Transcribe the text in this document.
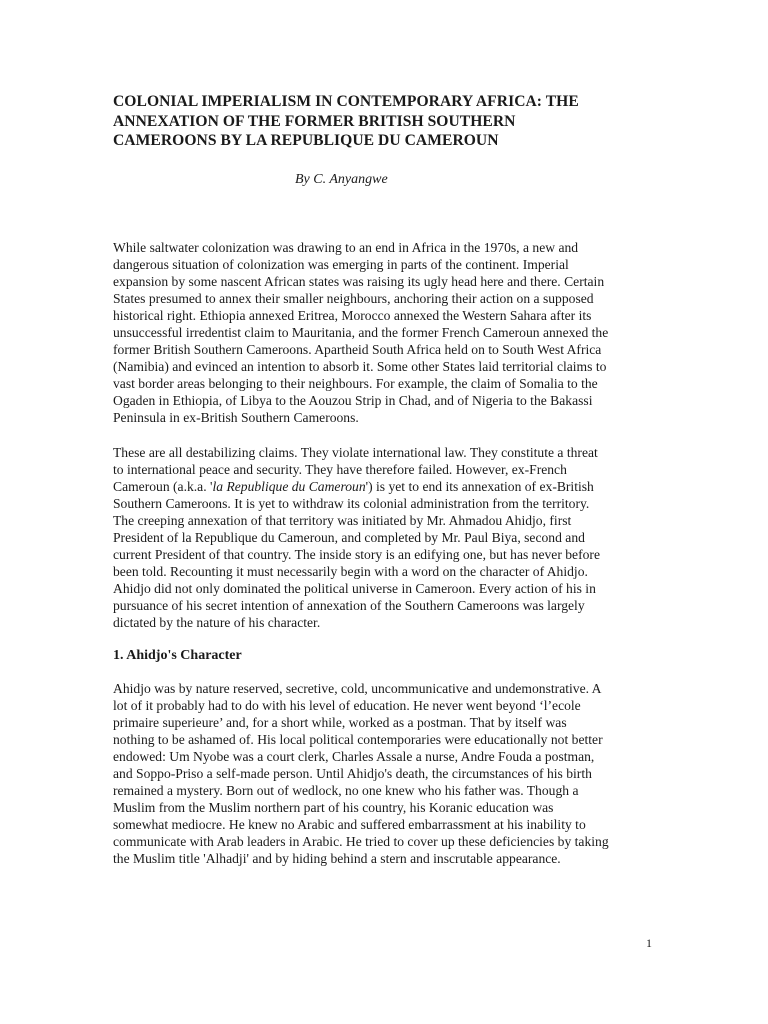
COLONIAL IMPERIALISM IN CONTEMPORARY AFRICA: THE
ANNEXATION OF THE FORMER BRITISH SOUTHERN
CAMEROONS BY LA REPUBLIQUE DU CAMEROUN

By C. Anyangwe

While saltwater colonization was drawing to an end in Africa in the 1970s, a new and
dangerous situation of colonization was emerging in parts of the continent. Imperial
expansion by some nascent African states was raising its ugly head here and there. Certain
States presumed to annex their smaller neighbours, anchoring their action on a supposed
historical right. Ethiopia annexed Eritrea, Morocco annexed the Western Sahara after its
unsuccessful irredentist claim to Mauritania, and the former French Cameroun annexed the
former British Southern Cameroons. Apartheid South Africa held on to South West Africa
(Namibia) and evinced an intention to absorb it. Some other States laid territorial claims to
vast border areas belonging to their neighbours. For example, the claim of Somalia to the
Ogaden in Ethiopia, of Libya to the Aouzou Strip in Chad, and of Nigeria to the Bakassi
Peninsula in ex-British Southern Cameroons.

These are all destabilizing claims. They violate international law. They constitute a threat
to international peace and security. They have therefore failed. However, ex-French
Cameroun (a.k.a. 'la Republique du Cameroun') is yet to end its annexation of ex-British
Southern Cameroons. It is yet to withdraw its colonial administration from the territory.
The creeping annexation of that territory was initiated by Mr. Ahmadou Ahidjo, first
President of la Republique du Cameroun, and completed by Mr. Paul Biya, second and
current President of that country. The inside story is an edifying one, but has never before
been told. Recounting it must necessarily begin with a word on the character of Ahidjo.
Ahidjo did not only dominated the political universe in Cameroon. Every action of his in
pursuance of his secret intention of annexation of the Southern Cameroons was largely
dictated by the nature of his character.

1. Ahidjo's Character

Ahidjo was by nature reserved, secretive, cold, uncommunicative and undemonstrative. A
lot of it probably had to do with his level of education. He never went beyond ‘l’ecole
primaire superieure’ and, for a short while, worked as a postman. That by itself was
nothing to be ashamed of. His local political contemporaries were educationally not better
endowed: Um Nyobe was a court clerk, Charles Assale a nurse, Andre Fouda a postman,
and Soppo-Priso a self-made person. Until Ahidjo's death, the circumstances of his birth
remained a mystery. Born out of wedlock, no one knew who his father was. Though a
Muslim from the Muslim northern part of his country, his Koranic education was
somewhat mediocre. He knew no Arabic and suffered embarrassment at his inability to
communicate with Arab leaders in Arabic. He tried to cover up these deficiencies by taking
the Muslim title 'Alhadji' and by hiding behind a stern and inscrutable appearance.

1
